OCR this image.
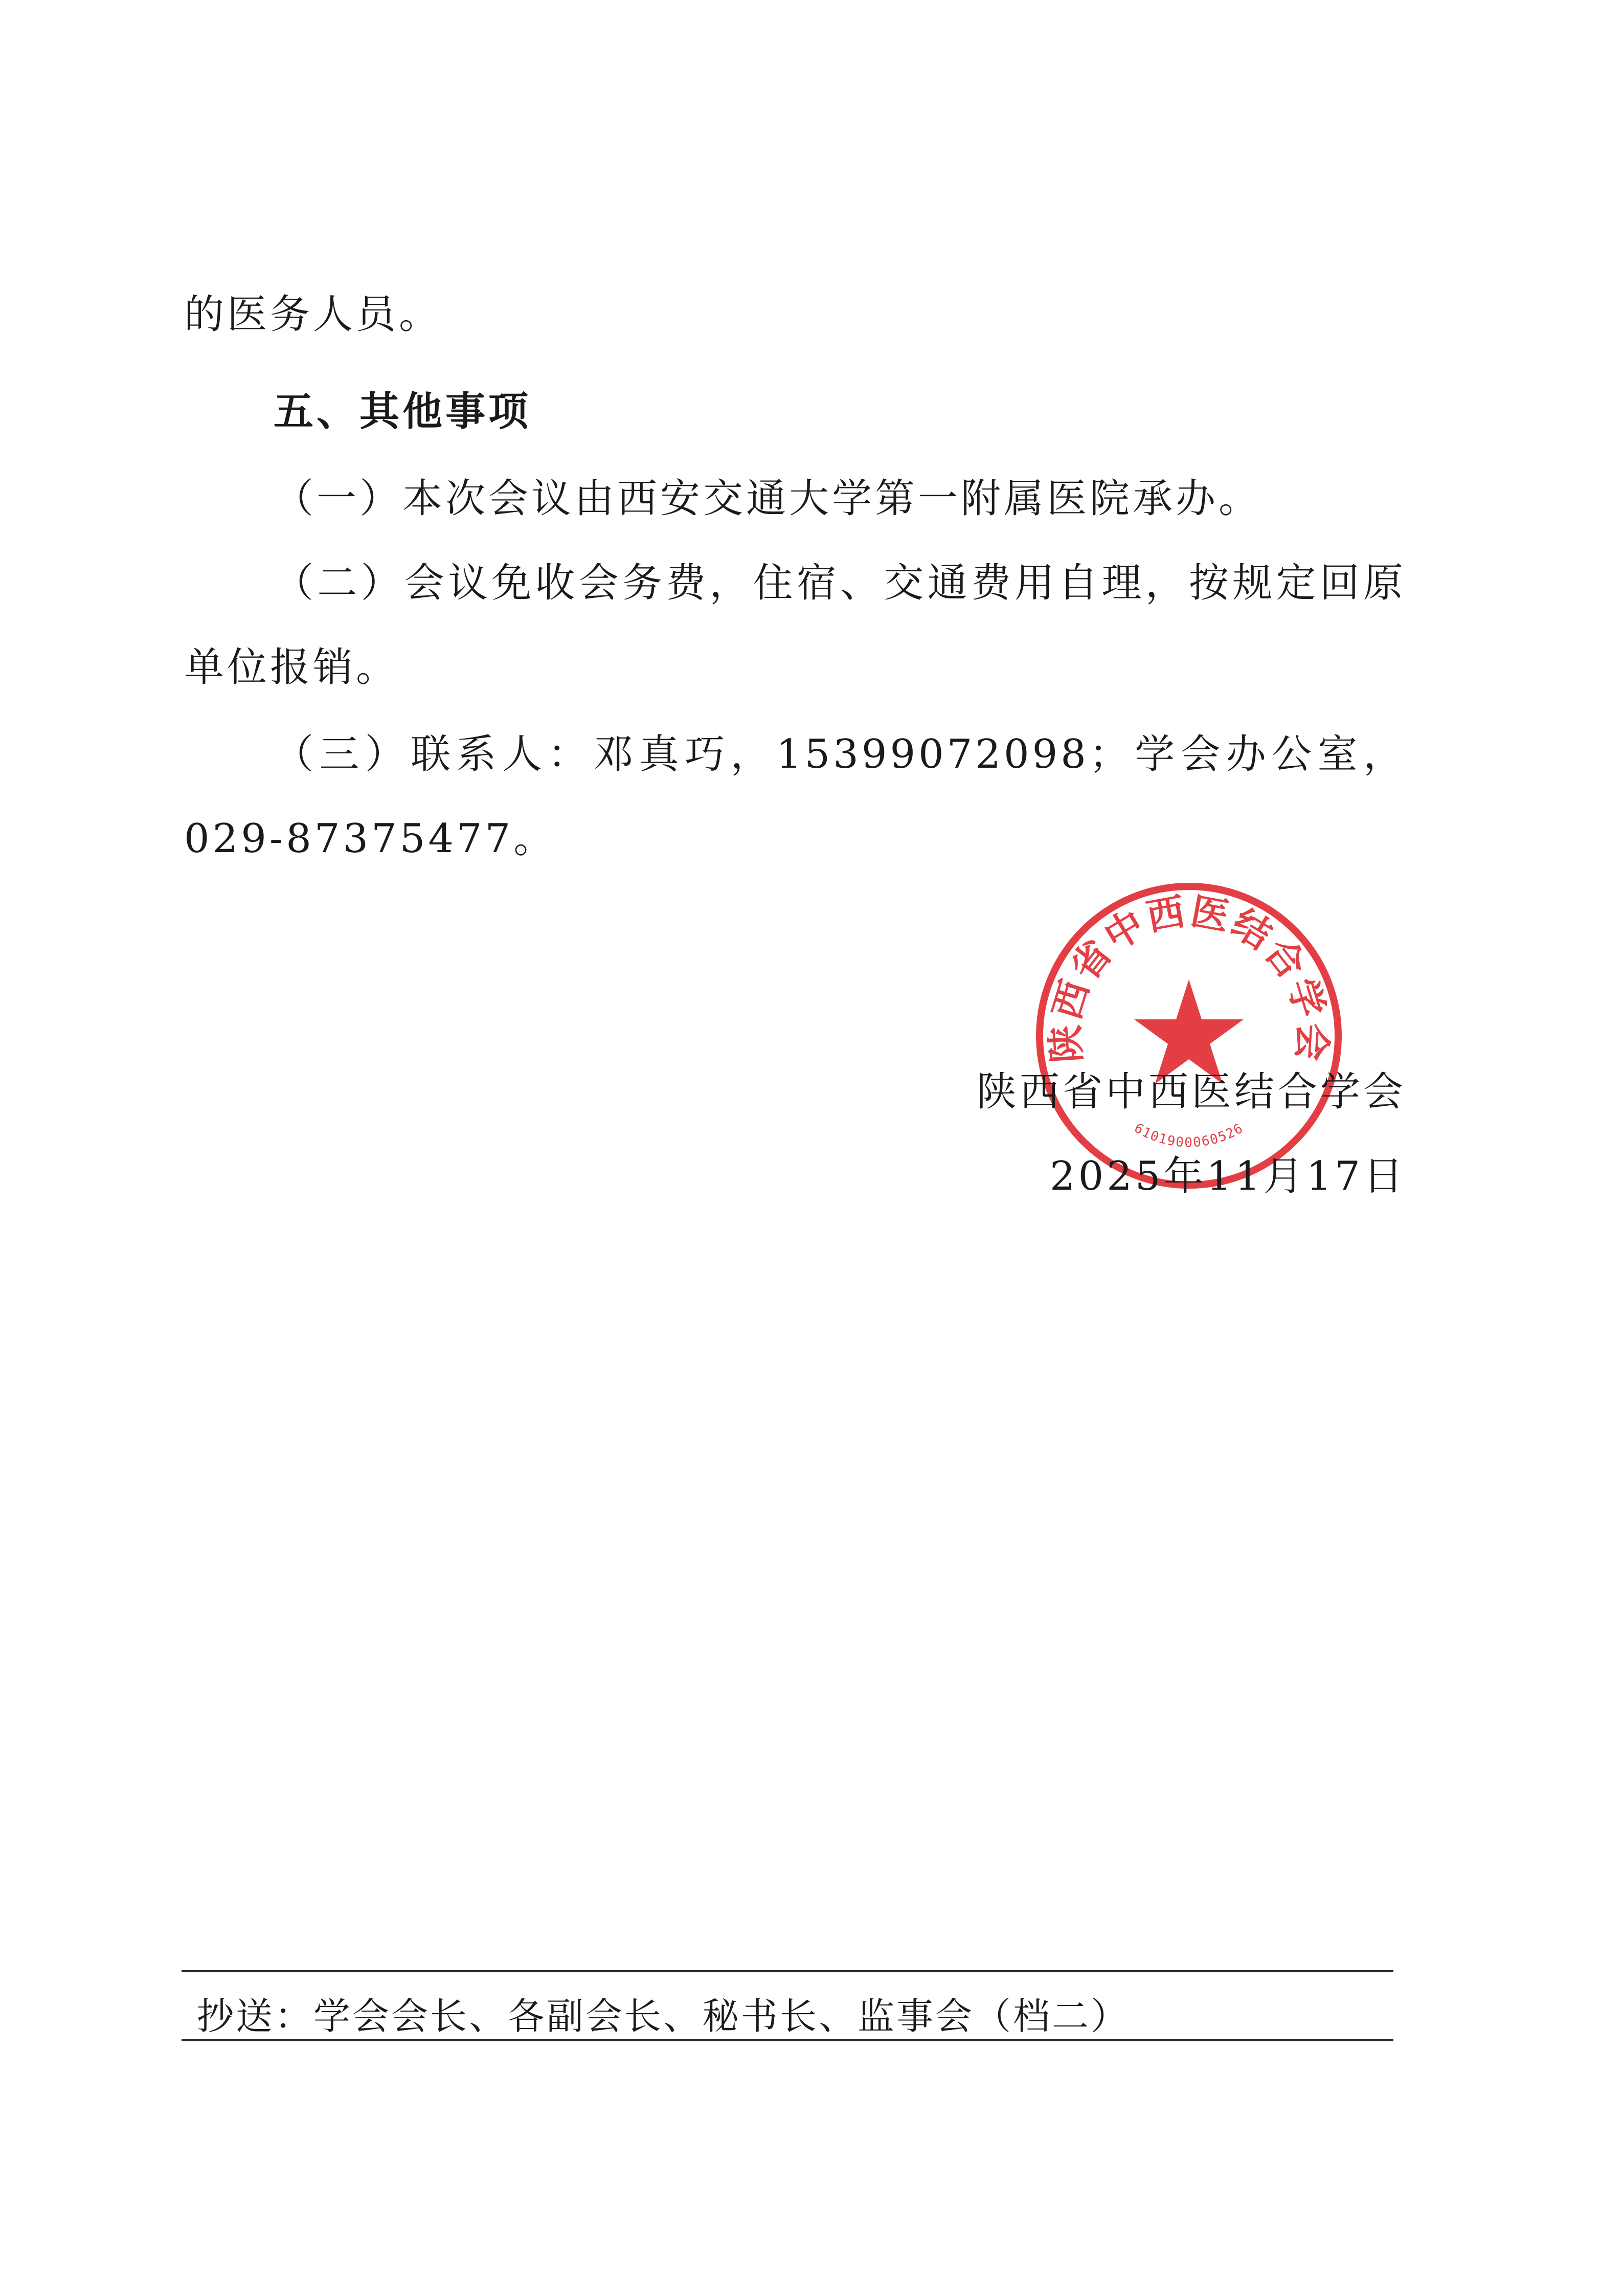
的医务人员。
五、其他事项
（一）本次会议由西安交通大学第一附属医院承办。
（二）会议免收会务费，住宿、交通费用自理，按规定回原
单位报销。
（三）联系人：邓真巧，15399072098；学会办公室，
029-87375477。
陕西省中西医结合学会
6101900060526
陕西省中西医结合学会
2025年11月17日
抄送：学会会长、各副会长、秘书长、监事会（档二）
